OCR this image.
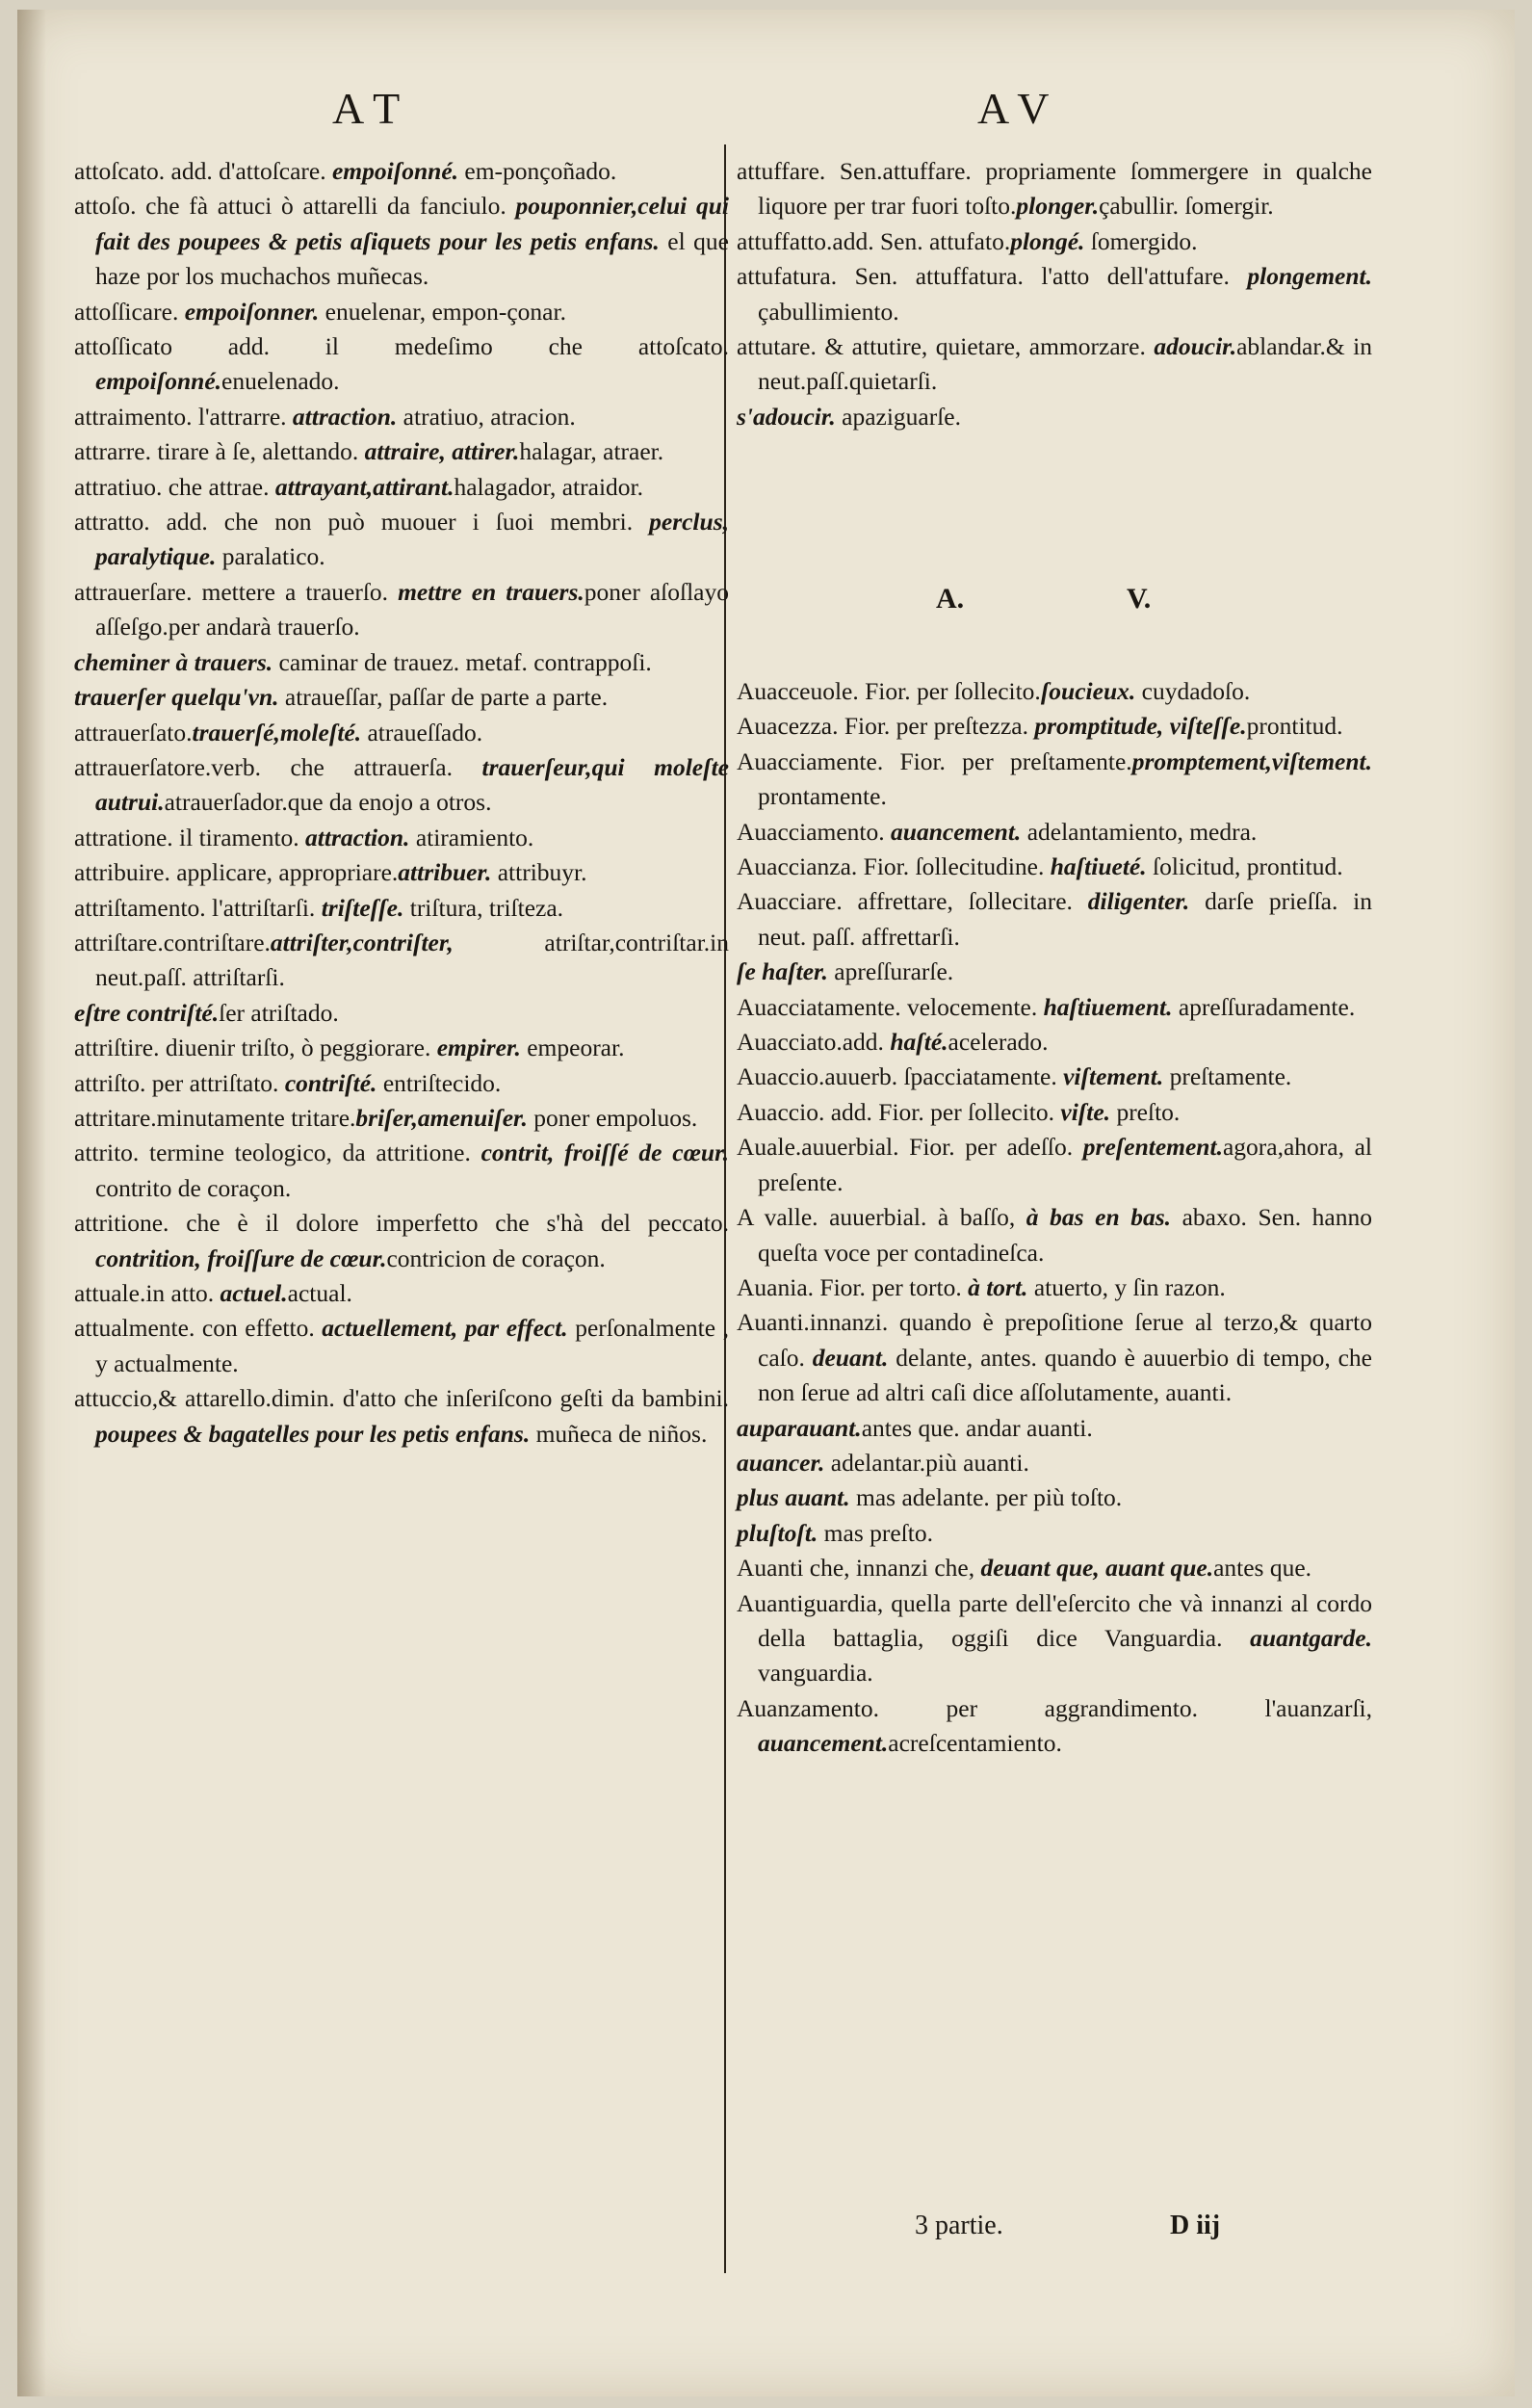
AT	AV

attoſcato. add. d'attoſcare. empoiſonné. em-ponçoñado.

attoſo. che fà attuci ò attarelli da fanciulo. pouponnier,celui qui fait des poupees & petis aſiquets pour les petis enfans. el que haze por los muchachos muñecas.

attoſſicare. empoiſonner. enuelenar, empon-çonar.

attoſſicato add. il medeſimo che attoſcato. empoiſonné.enuelenado.

attraimento. l'attrarre. attraction. atratiuo, atracion.

attrarre. tirare à ſe, alettando. attraire, attirer.halagar, atraer.

attratiuo. che attrae. attrayant,attirant.halagador, atraidor.

attratto. add. che non può muouer i ſuoi membri. perclus, paralytique. paralatico.

attrauerſare. mettere a trauerſo. mettre en trauers.poner aſoſlayo aſſeſgo.per andarà trauerſo.

cheminer à trauers. caminar de trauez. metaf. contrappoſi.

trauerſer quelqu'vn. atraueſſar, paſſar de parte a parte.

attrauerſato.trauerſé,moleſté. atraueſſado.

attrauerſatore.verb. che attrauerſa. trauerſeur,qui moleſte autrui.atrauerſador.que da enojo a otros.

attratione. il tiramento. attraction. atiramiento.

attribuire. applicare, appropriare.attribuer. attribuyr.

attriſtamento. l'attriſtarſi. triſteſſe. triſtura, triſteza.

attriſtare.contriſtare.attriſter,contriſter, atriſtar,contriſtar.in neut.paſſ. attriſtarſi.

eſtre contriſté.ſer atriſtado.

attriſtire. diuenir triſto, ò peggiorare. empirer. empeorar.

attriſto. per attriſtato. contriſté. entriſtecido.

attritare.minutamente tritare.briſer,amenuiſer. poner empoluos.

attrito. termine teologico, da attritione. contrit, froiſſé de cœur. contrito de coraçon.

attritione. che è il dolore imperfetto che s'hà del peccato. contrition, froiſſure de cœur.contricion de coraçon.

attuale.in atto. actuel.actual.

attualmente. con effetto. actuellement, par effect. perſonalmente , y actualmente.

attuccio,& attarello.dimin. d'atto che inſeriſcono geſti da bambini. poupees & bagatelles pour les petis enfans. muñeca de niños.

attuffare. Sen.attuffare. propriamente ſommergere in qualche liquore per trar fuori toſto.plonger.çabullir. ſomergir.

attuffatto.add. Sen. attufato.plongé. ſomergido.

attufatura. Sen. attuffatura. l'atto dell'attufare. plongement. çabullimiento.

attutare. & attutire, quietare, ammorzare. adoucir.ablandar.& in neut.paſſ.quietarſi.

s'adoucir. apaziguarſe.

A.	V.

Auacceuole. Fior. per ſollecito.ſoucieux. cuydadoſo.

Auacezza. Fior. per preſtezza. promptitude, viſteſſe.prontitud.

Auacciamente. Fior. per preſtamente.promptement,viſtement. prontamente.

Auacciamento. auancement. adelantamiento, medra.

Auaccianza. Fior. ſollecitudine. haſtiueté. ſolicitud, prontitud.

Auacciare. affrettare, ſollecitare. diligenter. darſe prieſſa. in neut. paſſ. affrettarſi.

ſe haſter. apreſſurarſe.

Auacciatamente. velocemente. haſtiuement. apreſſuradamente.

Auacciato.add. haſté.acelerado.

Auaccio.auuerb. ſpacciatamente. viſtement. preſtamente.

Auaccio. add. Fior. per ſollecito. viſte. preſto.

Auale.auuerbial. Fior. per adeſſo. preſentement.agora,ahora, al preſente.

A valle. auuerbial. à baſſo, à bas en bas. abaxo. Sen. hanno queſta voce per contadineſca.

Auania. Fior. per torto. à tort. atuerto, y ſin razon.

Auanti.innanzi. quando è prepoſitione ſerue al terzo,& quarto caſo. deuant. delante, antes. quando è auuerbio di tempo, che non ſerue ad altri caſi dice aſſolutamente, auanti.

auparauant.antes que. andar auanti.

auancer. adelantar.più auanti.

plus auant. mas adelante. per più toſto.

pluſtoſt. mas preſto.

Auanti che, innanzi che, deuant que, auant que.antes que.

Auantiguardia, quella parte dell'eſercito che và innanzi al cordo della battaglia, oggiſi dice Vanguardia. auantgarde. vanguardia.

Auanzamento. per aggrandimento. l'auanzarſi, auancement.acreſcentamiento.

3 partie.	D iij
